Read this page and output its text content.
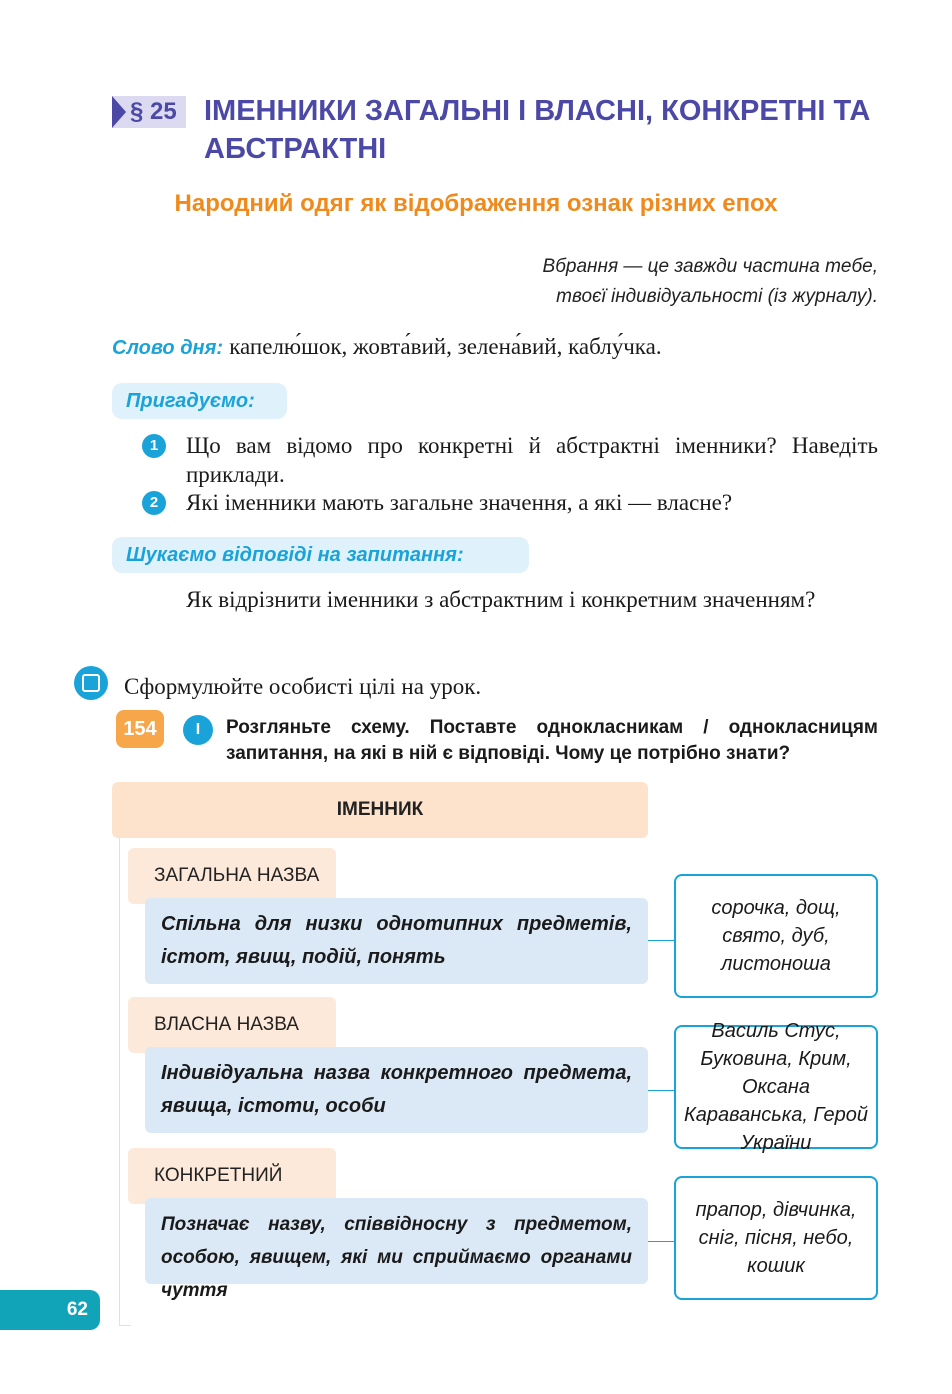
§ 25 ІМЕННИКИ ЗАГАЛЬНІ І ВЛАСНІ, КОНКРЕТНІ ТА АБСТРАКТНІ
Народний одяг як відображення ознак різних епох
Вбрання — це завжди частина тебе,
твоєї індивідуальності (із журналу).
Слово дня: капелю́шок, жовта́вий, зелена́вий, каблу́чка.
Пригадуємо:
1	Що вам відомо про конкретні й абстрактні іменники? Наведіть приклади.
2	Які іменники мають загальне значення, а які — власне?
Шукаємо відповіді на запитання:
Як відрізнити іменники з абстрактним і конкретним значенням?
Сформулюйте особисті цілі на урок.
154	І	Розгляньте схему. Поставте однокласникам / однокласницям запитання, на які в ній є відповіді. Чому це потрібно знати?
ІМЕННИК
ЗАГАЛЬНА НАЗВА
Спільна для низки однотипних предметів, істот, явищ, подій, понять
сорочка, дощ, свято, дуб, листоноша
ВЛАСНА НАЗВА
Індивідуальна назва конкретного предмета, явища, істоти, особи
Василь Стус, Буковина, Крим, Оксана Караванська, Герой України
КОНКРЕТНИЙ
Позначає назву, співвідносну з предметом, особою, явищем, які ми сприймаємо органами чуття
прапор, дівчинка, сніг, пісня, небо, кошик
62
